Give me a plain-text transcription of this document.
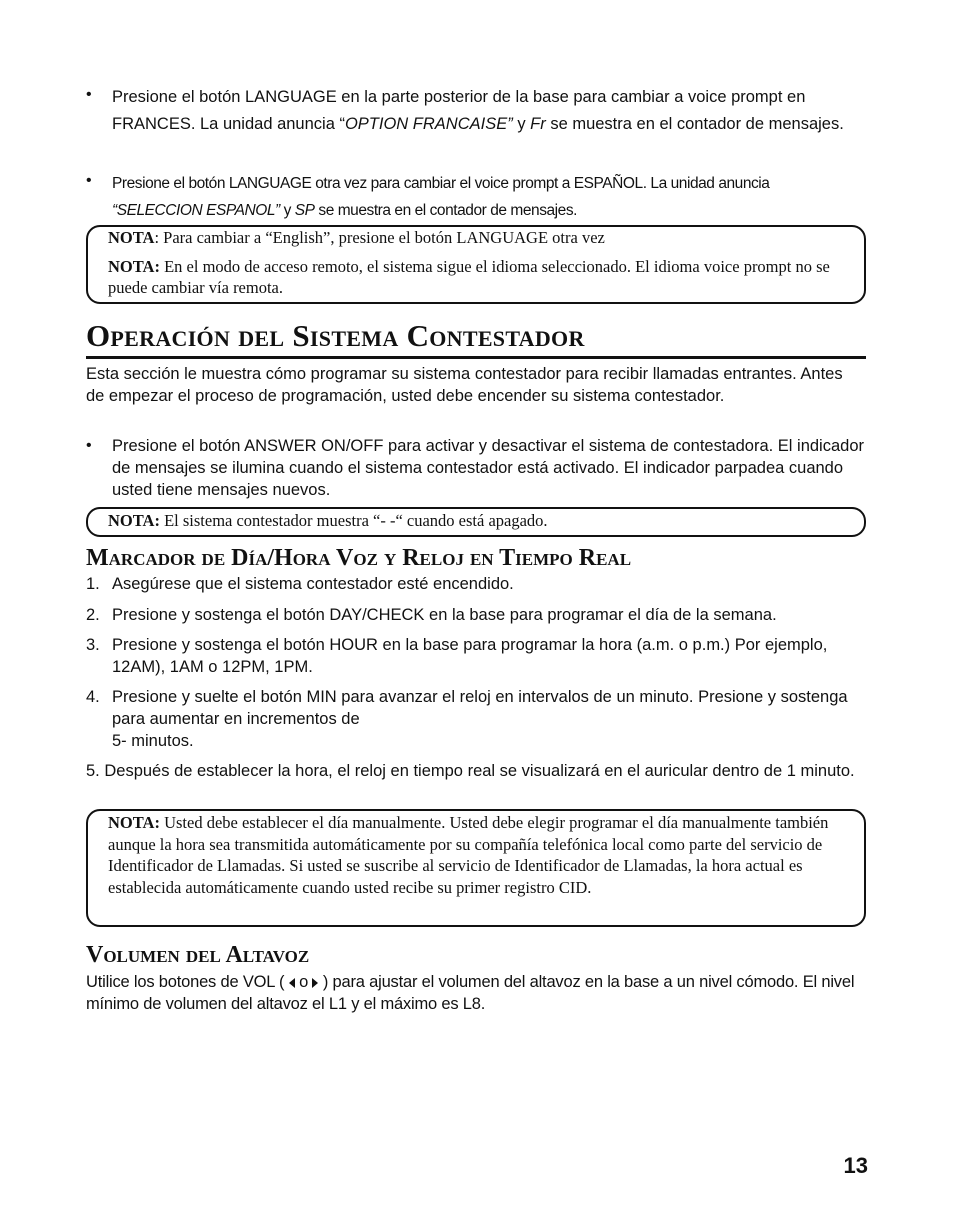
• Presione el botón LANGUAGE en la parte posterior de la base para cambiar a voice prompt en FRANCES. La unidad anuncia “OPTION FRANCAISE” y Fr se muestra en el contador de mensajes.
• Presione el botón LANGUAGE otra vez para cambiar el voice prompt a ESPAÑOL. La unidad anuncia
“SELECCION ESPANOL” y SP se muestra en el contador de mensajes.
NOTA: Para cambiar a “English”, presione el botón LANGUAGE otra vez
NOTA: En el modo de acceso remoto, el sistema sigue el idioma seleccionado. El idioma voice prompt no se puede cambiar vía remota.
Operación del Sistema Contestador
Esta sección le muestra cómo programar su sistema contestador para recibir llamadas entrantes. Antes de empezar el proceso de programación, usted debe encender su sistema contestador.
• Presione el botón ANSWER ON/OFF para activar y desactivar el sistema de contestadora. El indicador de mensajes se ilumina cuando el sistema contestador está activado. El indicador parpadea cuando usted tiene mensajes nuevos.
NOTA: El sistema contestador muestra “- -“ cuando está apagado.
Marcador de Día/Hora Voz y Reloj en Tiempo Real
1. Asegúrese que el sistema contestador esté encendido.
2. Presione y sostenga el botón DAY/CHECK en la base para programar el día de la semana.
3. Presione y sostenga el botón HOUR en la base para programar la hora (a.m. o p.m.) Por ejemplo, 12AM), 1AM o 12PM, 1PM.
4. Presione y suelte el botón MIN para avanzar el reloj en intervalos de un minuto. Presione y sostenga para aumentar en incrementos de
5- minutos.
5. Después de establecer la hora, el reloj en tiempo real se visualizará en el auricular dentro de 1 minuto.
NOTA: Usted debe establecer el día manualmente. Usted debe elegir programar el día manualmente también aunque la hora sea transmitida automáticamente por su compañía telefónica local como parte del servicio de Identificador de Llamadas. Si usted se suscribe al servicio de Identificador de Llamadas, la hora actual es establecida automáticamente cuando usted recibe su primer registro CID.
Volumen del Altavoz
Utilice los botones de VOL (  o  ) para ajustar el volumen del altavoz en la base a un nivel cómodo. El nivel mínimo de volumen del altavoz el L1 y el máximo es L8.
13
